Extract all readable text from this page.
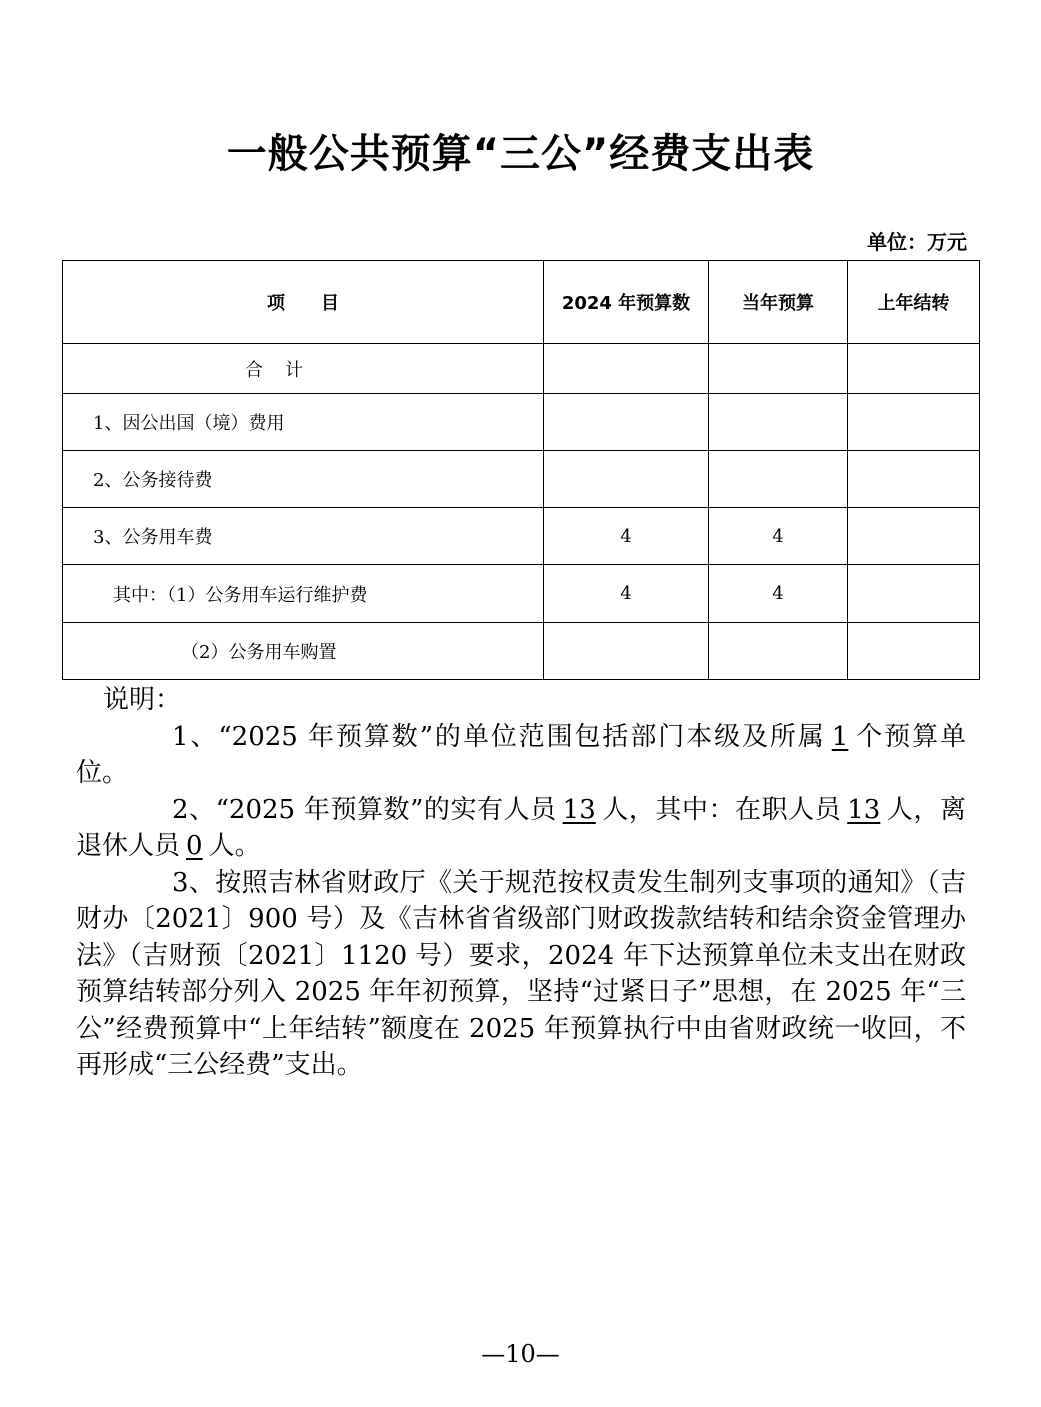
一般公共预算“三公”经费支出表
单位：万元
项　　目	2024 年预算数	当年预算	上年结转
合　计			
1、因公出国（境）费用			
2、公务接待费			
3、公务用车费	4	4	
其中：（1）公务用车运行维护费	4	4	
（2）公务用车购置			

说明：

1、“2025 年预算数”的单位范围包括部门本级及所属 1 个预算单位。

2、“2025 年预算数”的实有人员 13 人，其中：在职人员 13 人，离退休人员 0 人。

3、按照吉林省财政厅《关于规范按权责发生制列支事项的通知》（吉财办〔2021〕900 号）及《吉林省省级部门财政拨款结转和结余资金管理办法》（吉财预〔2021〕1120 号）要求，2024 年下达预算单位未支出在财政预算结转部分列入 2025 年年初预算，坚持“过紧日子”思想，在 2025 年“三公”经费预算中“上年结转”额度在 2025 年预算执行中由省财政统一收回，不再形成“三公经费”支出。

—10—
